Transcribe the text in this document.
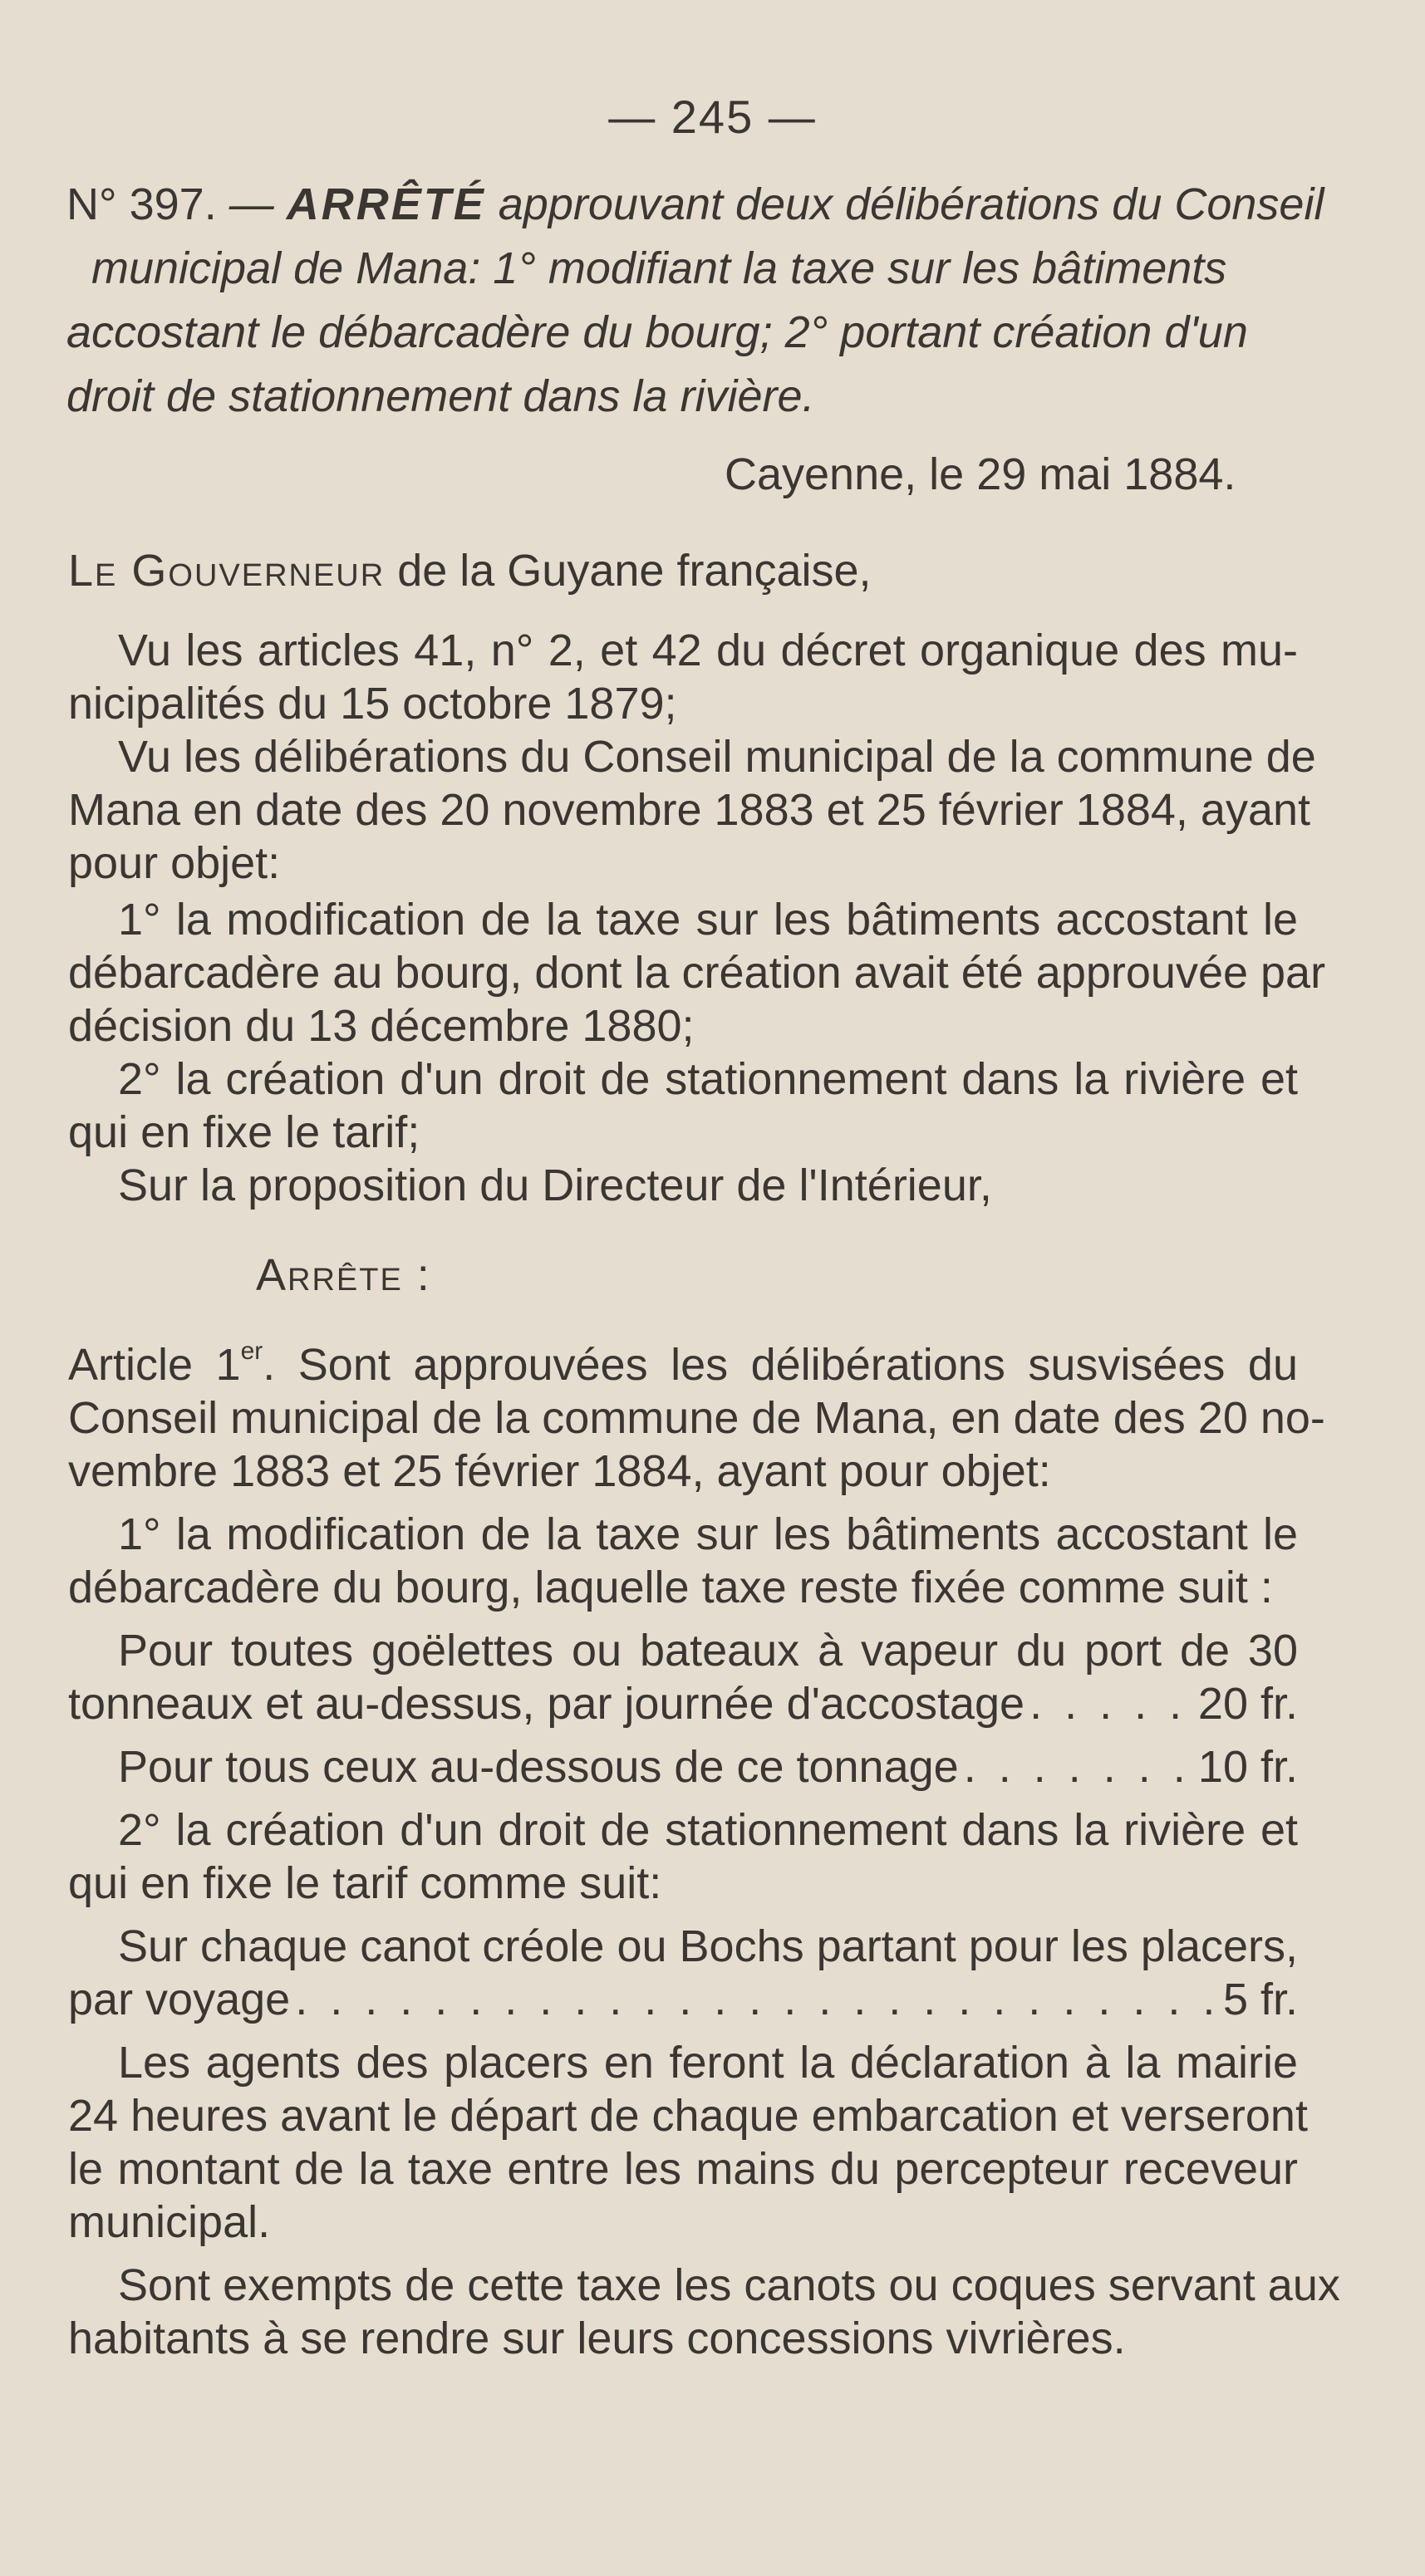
— 245 —
N° 397. — ARRÊTÉ approuvant deux délibérations du Conseil
municipal de Mana: 1° modifiant la taxe sur les bâtiments
accostant le débarcadère du bourg; 2° portant création d'un
droit de stationnement dans la rivière.
Cayenne, le 29 mai 1884.
Le Gouverneur de la Guyane française,
Vu les articles 41, n° 2, et 42 du décret organique des mu-
nicipalités du 15 octobre 1879;
Vu les délibérations du Conseil municipal de la commune de
Mana en date des 20 novembre 1883 et 25 février 1884, ayant
pour objet:
1° la modification de la taxe sur les bâtiments accostant le
débarcadère au bourg, dont la création avait été approuvée par
décision du 13 décembre 1880;
2° la création d'un droit de stationnement dans la rivière et
qui en fixe le tarif;
Sur la proposition du Directeur de l'Intérieur,
Arrête :
Article 1er. Sont approuvées les délibérations susvisées du
Conseil municipal de la commune de Mana, en date des 20 no-
vembre 1883 et 25 février 1884, ayant pour objet:
1° la modification de la taxe sur les bâtiments accostant le
débarcadère du bourg, laquelle taxe reste fixée comme suit :
Pour toutes goëlettes ou bateaux à vapeur du port de 30
tonneaux et au-dessus, par journée d'accostage . . .	20 fr.
Pour tous ceux au-dessous de ce tonnage . . .	10 fr.
2° la création d'un droit de stationnement dans la rivière et
qui en fixe le tarif comme suit:
Sur chaque canot créole ou Bochs partant pour les placers,
par voyage . . .	5 fr.
Les agents des placers en feront la déclaration à la mairie
24 heures avant le départ de chaque embarcation et verseront
le montant de la taxe entre les mains du percepteur receveur
municipal.
Sont exempts de cette taxe les canots ou coques servant aux
habitants à se rendre sur leurs concessions vivrières.
